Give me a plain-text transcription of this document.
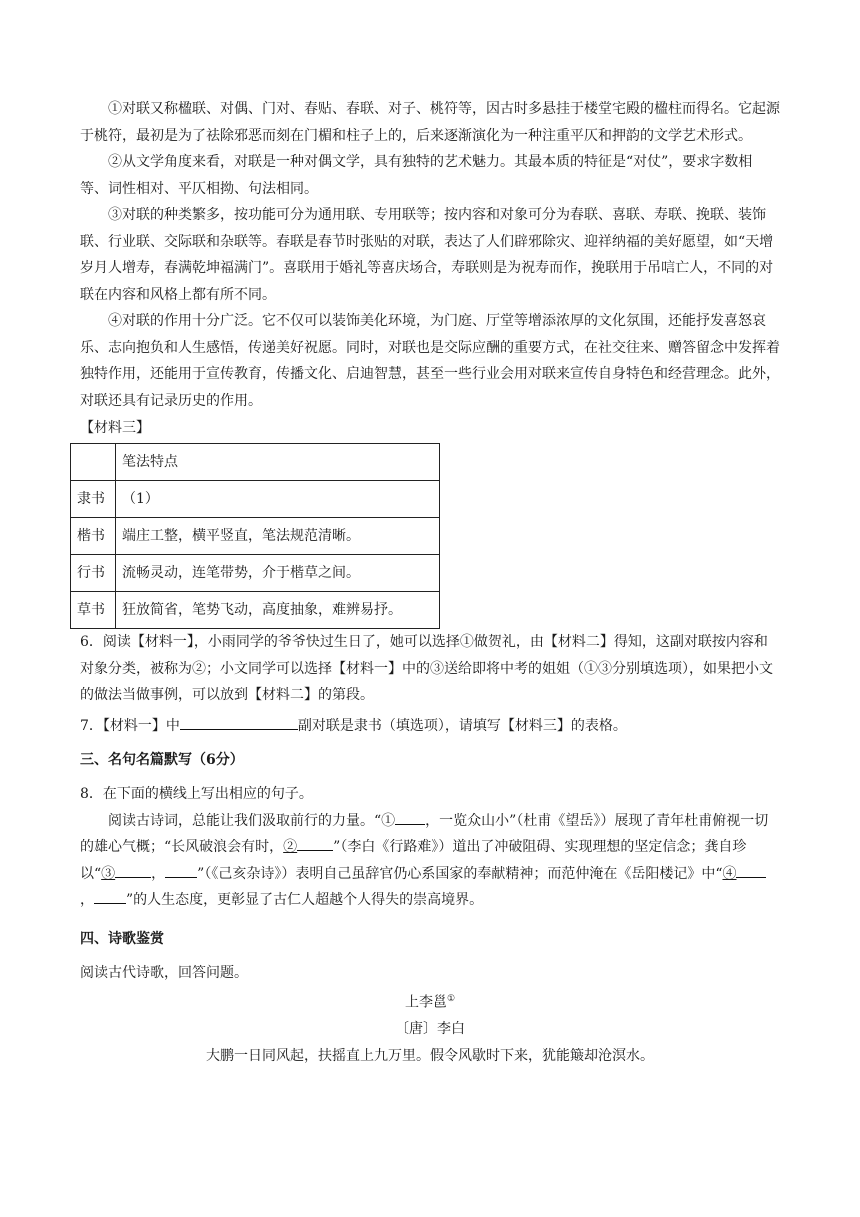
①对联又称楹联、对偶、门对、春贴、春联、对子、桃符等，因古时多悬挂于楼堂宅殿的楹柱而得名。它起源于桃符，最初是为了祛除邪恶而刻在门楣和柱子上的，后来逐渐演化为一种注重平仄和押韵的文学艺术形式。

②从文学角度来看，对联是一种对偶文学，具有独特的艺术魅力。其最本质的特征是“对仗”，要求字数相等、词性相对、平仄相拗、句法相同。

③对联的种类繁多，按功能可分为通用联、专用联等；按内容和对象可分为春联、喜联、寿联、挽联、装饰联、行业联、交际联和杂联等。春联是春节时张贴的对联，表达了人们辟邪除灾、迎祥纳福的美好愿望，如“天增岁月人增寿，春满乾坤福满门”。喜联用于婚礼等喜庆场合，寿联则是为祝寿而作，挽联用于吊唁亡人，不同的对联在内容和风格上都有所不同。

④对联的作用十分广泛。它不仅可以装饰美化环境，为门庭、厅堂等增添浓厚的文化氛围，还能抒发喜怒哀乐、志向抱负和人生感悟，传递美好祝愿。同时，对联也是交际应酬的重要方式，在社交往来、赠答留念中发挥着独特作用，还能用于宣传教育，传播文化、启迪智慧，甚至一些行业会用对联来宣传自身特色和经营理念。此外，对联还具有记录历史的作用。

【材料三】

	笔法特点
隶书	（1）
楷书	端庄工整，横平竖直，笔法规范清晰。
行书	流畅灵动，连笔带势，介于楷草之间。
草书	狂放简省，笔势飞动，高度抽象，难辨易抒。

6．阅读【材料一】，小雨同学的爷爷快过生日了，她可以选择①做贺礼，由【材料二】得知，这副对联按内容和对象分类，被称为②；小文同学可以选择【材料一】中的③送给即将中考的姐姐（①③分别填选项），如果把小文的做法当做事例，可以放到【材料二】的第段。

7．【材料一】中	副对联是隶书（填选项），请填写【材料三】的表格。

三、名句名篇默写（6分）

8．在下面的横线上写出相应的句子。

阅读古诗词，总能让我们汲取前行的力量。“① ，一览众山小”（杜甫《望岳》）展现了青年杜甫俯视一切的雄心气概；“长风破浪会有时，②	”（李白《行路难》）道出了冲破阻碍、实现理想的坚定信念；龚自珍以“③	， ”（《己亥杂诗》）表明自己虽辞官仍心系国家的奉献精神；而范仲淹在《岳阳楼记》中“④， ”的人生态度，更彰显了古仁人超越个人得失的崇高境界。

四、诗歌鉴赏

阅读古代诗歌，回答问题。

上李邕①

〔唐〕李白

大鹏一日同风起，扶摇直上九万里。假令风歇时下来，犹能簸却沧溟水。
